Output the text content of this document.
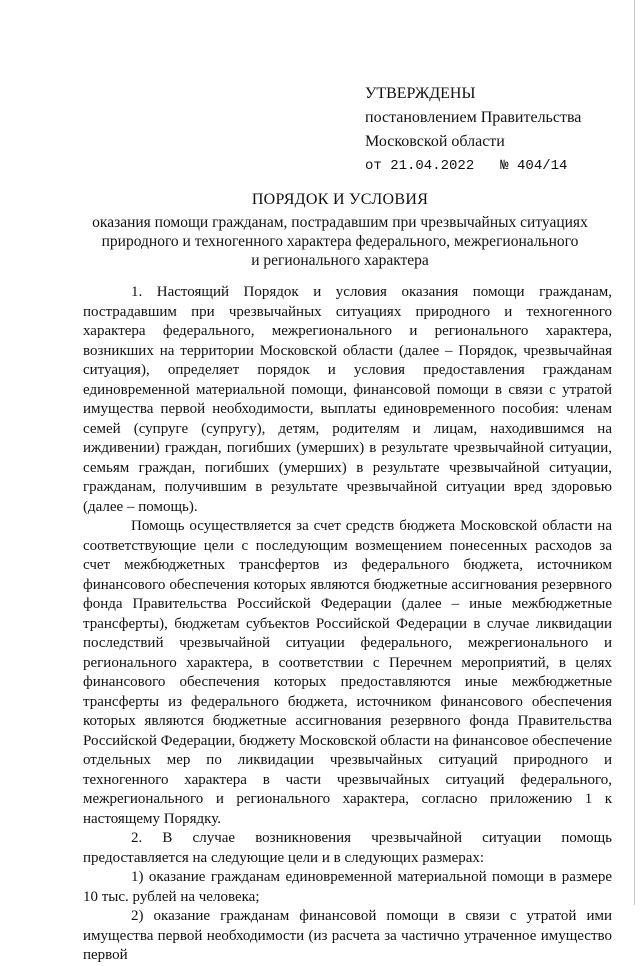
УТВЕРЖДЕНЫ
постановлением Правительства
Московской области
от 21.04.2022 № 404/14
ПОРЯДОК И УСЛОВИЯ
оказания помощи гражданам, пострадавшим при чрезвычайных ситуациях
природного и техногенного характера федерального, межрегионального
и регионального характера

1. Настоящий Порядок и условия оказания помощи гражданам, пострадавшим при чрезвычайных ситуациях природного и техногенного характера федерального, межрегионального и регионального характера, возникших на территории Московской области (далее – Порядок, чрезвычайная ситуация), определяет порядок и условия предоставления гражданам единовременной материальной помощи, финансовой помощи в связи с утратой имущества первой необходимости, выплаты единовременного пособия: членам семей (супруге (супругу), детям, родителям и лицам, находившимся на иждивении) граждан, погибших (умерших) в результате чрезвычайной ситуации, семьям граждан, погибших (умерших) в результате чрезвычайной ситуации, гражданам, получившим в результате чрезвычайной ситуации вред здоровью (далее – помощь).

Помощь осуществляется за счет средств бюджета Московской области на соответствующие цели с последующим возмещением понесенных расходов за счет межбюджетных трансфертов из федерального бюджета, источником финансового обеспечения которых являются бюджетные ассигнования резервного фонда Правительства Российской Федерации (далее – иные межбюджетные трансферты), бюджетам субъектов Российской Федерации в случае ликвидации последствий чрезвычайной ситуации федерального, межрегионального и регионального характера, в соответствии с Перечнем мероприятий, в целях финансового обеспечения которых предоставляются иные межбюджетные трансферты из федерального бюджета, источником финансового обеспечения которых являются бюджетные ассигнования резервного фонда Правительства Российской Федерации, бюджету Московской области на финансовое обеспечение отдельных мер по ликвидации чрезвычайных ситуаций природного и техногенного характера в части чрезвычайных ситуаций федерального, межрегионального и регионального характера, согласно приложению 1 к настоящему Порядку.

2. В случае возникновения чрезвычайной ситуации помощь предоставляется на следующие цели и в следующих размерах:

1) оказание гражданам единовременной материальной помощи в размере 10 тыс. рублей на человека;

2) оказание гражданам финансовой помощи в связи с утратой ими имущества первой необходимости (из расчета за частично утраченное имущество первой
